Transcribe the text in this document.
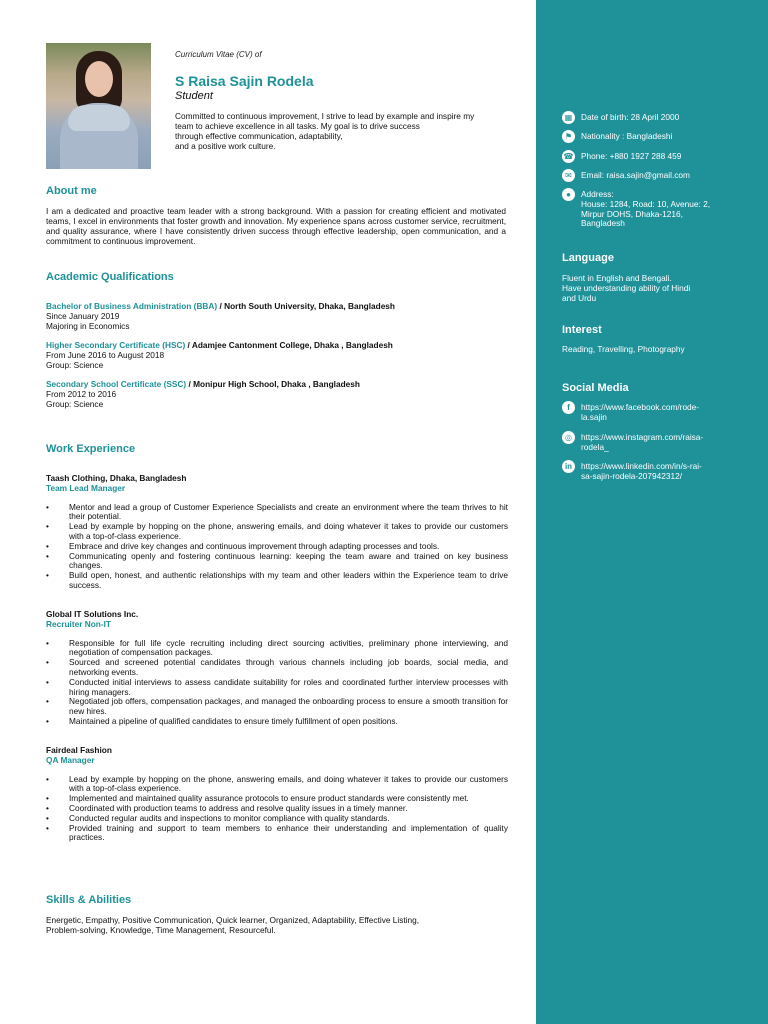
Curriculum Vitae (CV) of
S Raisa Sajin Rodela
Student
Committed to continuous improvement, I strive to lead by example and inspire my
team to achieve excellence in all tasks. My goal is to drive success
through effective communication, adaptability,
and a positive work culture.
About me
I am a dedicated and proactive team leader with a strong background. With a passion for creating efficient and motivated teams, I excel in environments that foster growth and innovation. My experience spans across customer service, recruitment, and quality assurance, where I have consistently driven success through effective leadership, open communication, and a commitment to continuous improvement.
Academic Qualifications
Bachelor of Business Administration (BBA) / North South University, Dhaka, Bangladesh
Since January 2019
Majoring in Economics
Higher Secondary Certificate (HSC) / Adamjee Cantonment College, Dhaka , Bangladesh
From June 2016 to August 2018
Group: Science
Secondary School Certificate (SSC) / Monipur High School, Dhaka , Bangladesh
From 2012 to 2016
Group: Science
Work Experience
Taash Clothing, Dhaka, Bangladesh
Team Lead Manager
• Mentor and lead a group of Customer Experience Specialists and create an environment where the team thrives to hit their potential.
• Lead by example by hopping on the phone, answering emails, and doing whatever it takes to provide our customers with a top-of-class experience.
• Embrace and drive key changes and continuous improvement through adapting processes and tools.
• Communicating openly and fostering continuous learning: keeping the team aware and trained on key business changes.
• Build open, honest, and authentic relationships with my team and other leaders within the Experience team to drive success.
Global IT Solutions Inc.
Recruiter Non-IT
• Responsible for full life cycle recruiting including direct sourcing activities, preliminary phone interviewing, and negotiation of compensation packages.
• Sourced and screened potential candidates through various channels including job boards, social media, and networking events.
• Conducted initial interviews to assess candidate suitability for roles and coordinated further interview processes with hiring managers.
• Negotiated job offers, compensation packages, and managed the onboarding process to ensure a smooth transition for new hires.
• Maintained a pipeline of qualified candidates to ensure timely fulfillment of open positions.
Fairdeal Fashion
QA Manager
• Lead by example by hopping on the phone, answering emails, and doing whatever it takes to provide our customers with a top-of-class experience.
• Implemented and maintained quality assurance protocols to ensure product standards were consistently met.
• Coordinated with production teams to address and resolve quality issues in a timely manner.
• Conducted regular audits and inspections to monitor compliance with quality standards.
• Provided training and support to team members to enhance their understanding and implementation of quality practices.
Skills & Abilities
Energetic, Empathy, Positive Communication, Quick learner, Organized, Adaptability, Effective Listing,
Problem-solving, Knowledge, Time Management, Resourceful.
▦	Date of birth: 28 April 2000
⚑	Nationality : Bangladeshi
☎ Phone: +880 1927 288 459
✉	Email: raisa.sajin@gmail.com
●	Address:
House: 1284, Road: 10, Avenue: 2,
Mirpur DOHS, Dhaka-1216,
Bangladesh
Language
Fluent in English and Bengali.
Have understanding ability of Hindi
and Urdu
Interest
Reading, Travelling, Photography
Social Media
f	https://www.facebook.com/rode-
la.sajin
◎	https://www.instagram.com/raisa-
rodela_
in	https://www.linkedin.com/in/s-rai-
sa-sajin-rodela-207942312/
